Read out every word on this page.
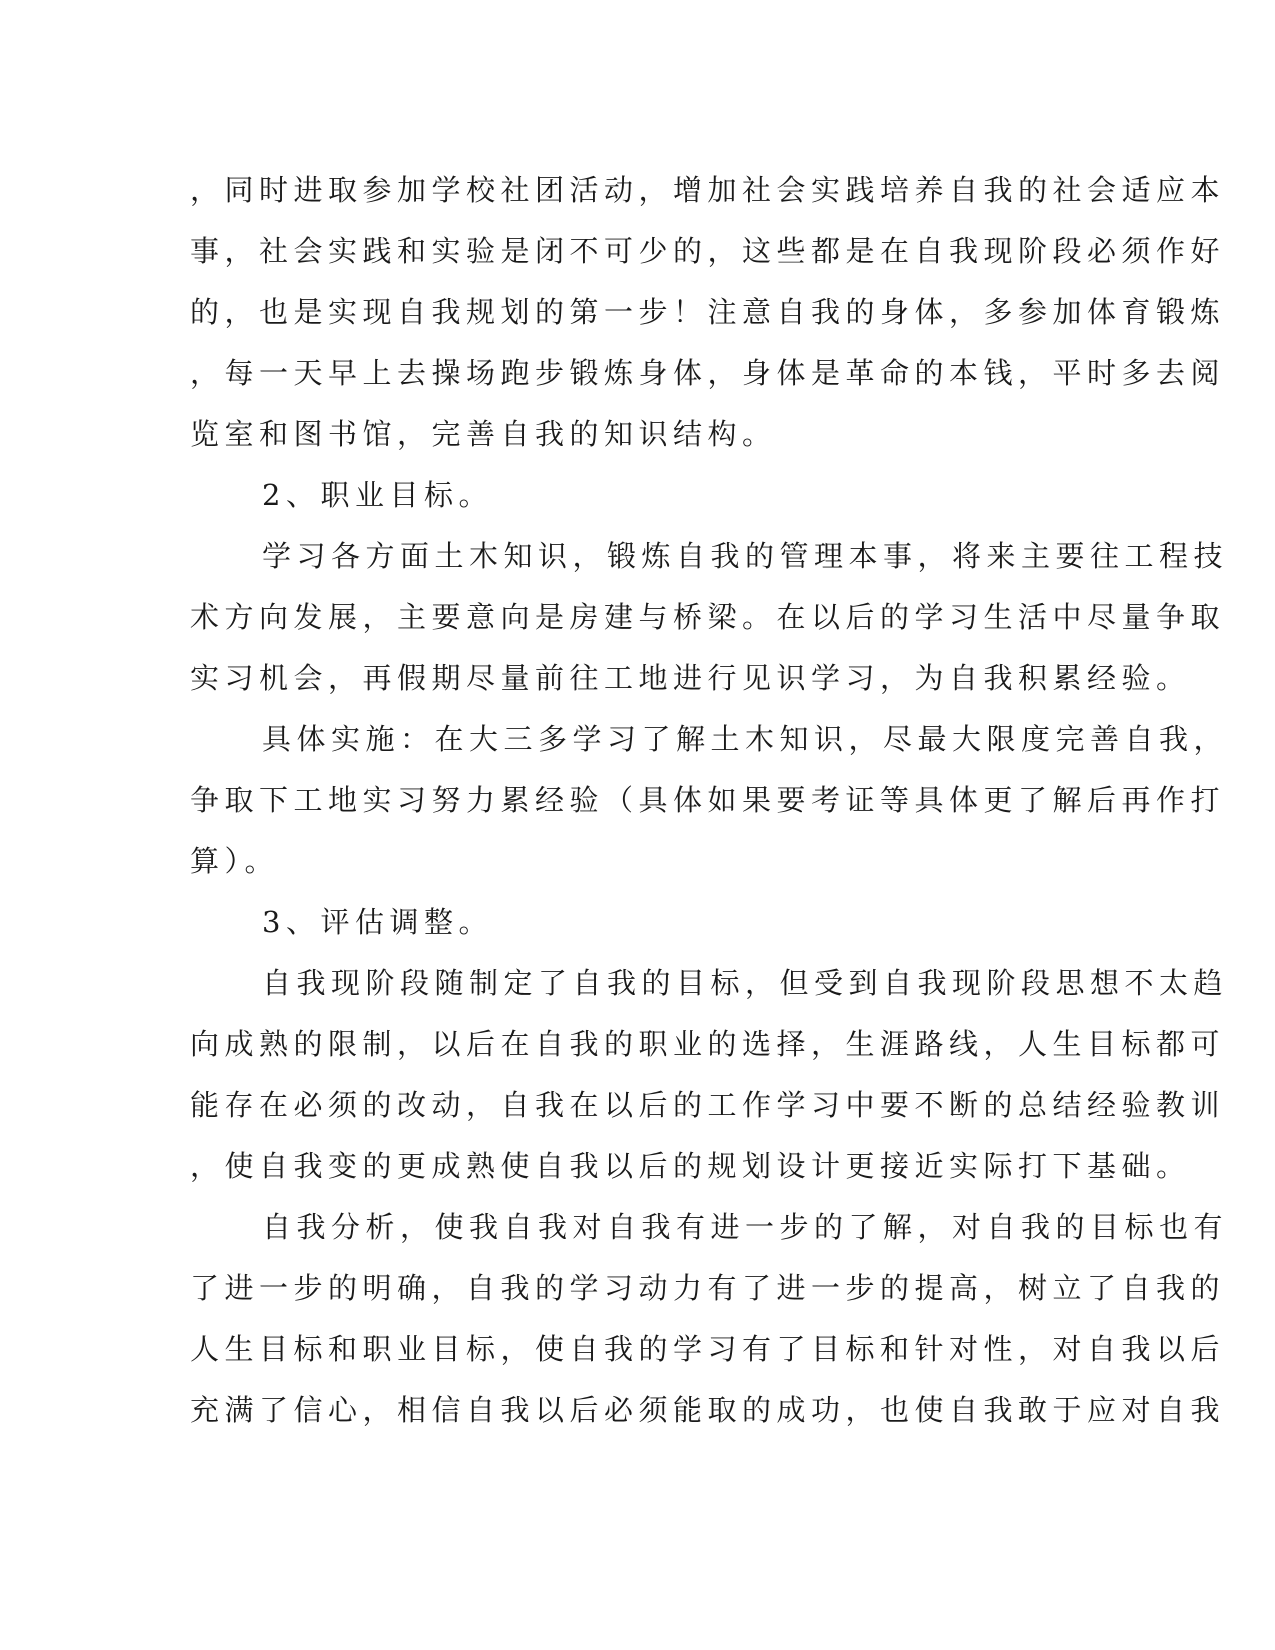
，同时进取参加学校社团活动，增加社会实践培养自我的社会适应本
事，社会实践和实验是闭不可少的，这些都是在自我现阶段必须作好
的，也是实现自我规划的第一步！注意自我的身体，多参加体育锻炼
，每一天早上去操场跑步锻炼身体，身体是革命的本钱，平时多去阅
览室和图书馆，完善自我的知识结构。
2、职业目标。
学习各方面土木知识，锻炼自我的管理本事，将来主要往工程技
术方向发展，主要意向是房建与桥梁。在以后的学习生活中尽量争取
实习机会，再假期尽量前往工地进行见识学习，为自我积累经验。
具体实施：在大三多学习了解土木知识，尽最大限度完善自我，
争取下工地实习努力累经验（具体如果要考证等具体更了解后再作打
算）。
3、评估调整。
自我现阶段随制定了自我的目标，但受到自我现阶段思想不太趋
向成熟的限制，以后在自我的职业的选择，生涯路线，人生目标都可
能存在必须的改动，自我在以后的工作学习中要不断的总结经验教训
，使自我变的更成熟使自我以后的规划设计更接近实际打下基础。
自我分析，使我自我对自我有进一步的了解，对自我的目标也有
了进一步的明确，自我的学习动力有了进一步的提高，树立了自我的
人生目标和职业目标，使自我的学习有了目标和针对性，对自我以后
充满了信心，相信自我以后必须能取的成功，也使自我敢于应对自我
